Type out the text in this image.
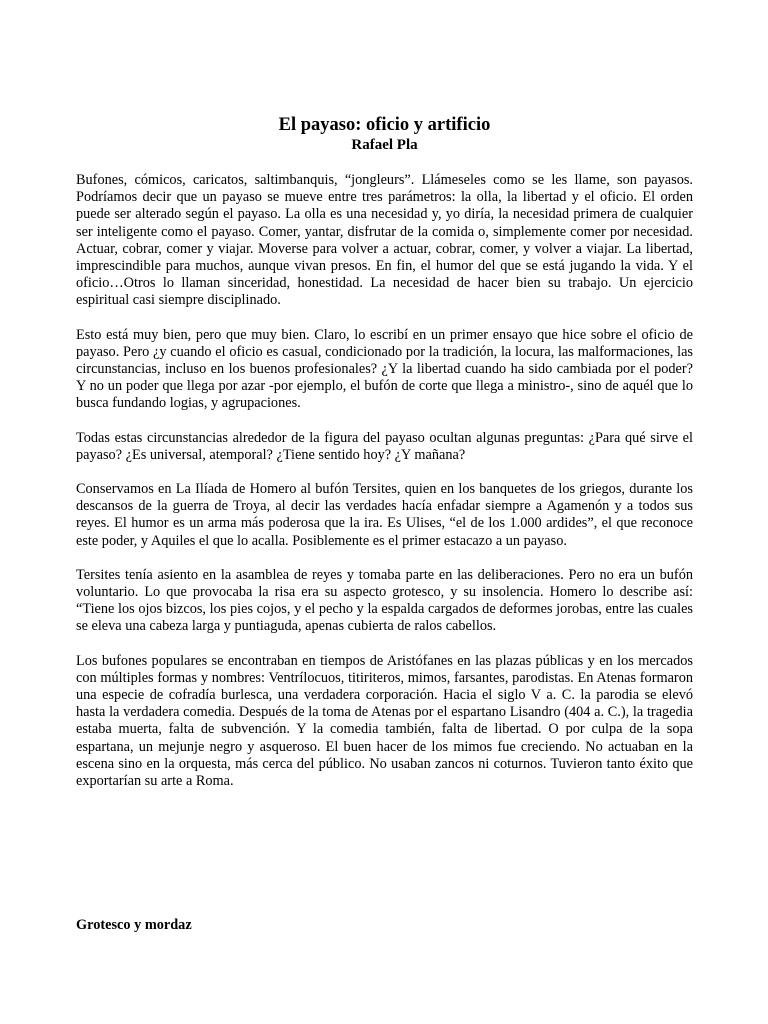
El payaso: oficio y artificio
Rafael Pla

Bufones, cómicos, caricatos, saltimbanquis, “jongleurs”. Llámeseles como se les llame, son payasos. Podríamos decir que un payaso se mueve entre tres parámetros: la olla, la libertad y el oficio. El orden puede ser alterado según el payaso. La olla es una necesidad y, yo diría, la necesidad primera de cualquier ser inteligente como el payaso. Comer, yantar, disfrutar de la comida o, simplemente comer por necesidad. Actuar, cobrar, comer y viajar. Moverse para volver a actuar, cobrar, comer, y volver a viajar. La libertad, imprescindible para muchos, aunque vivan presos. En fin, el humor del que se está jugando la vida. Y el oficio…Otros lo llaman sinceridad, honestidad. La necesidad de hacer bien su trabajo. Un ejercicio espiritual casi siempre disciplinado.

Esto está muy bien, pero que muy bien. Claro, lo escribí en un primer ensayo que hice sobre el oficio de payaso. Pero ¿y cuando el oficio es casual, condicionado por la tradición, la locura, las malformaciones, las circunstancias, incluso en los buenos profesionales? ¿Y la libertad cuando ha sido cambiada por el poder? Y no un poder que llega por azar -por ejemplo, el bufón de corte que llega a ministro-, sino de aquél que lo busca fundando logias, y agrupaciones.

Todas estas circunstancias alrededor de la figura del payaso ocultan algunas preguntas: ¿Para qué sirve el payaso? ¿Es universal, atemporal? ¿Tiene sentido hoy? ¿Y mañana?

Conservamos en La Ilíada de Homero al bufón Tersites, quien en los banquetes de los griegos, durante los descansos de la guerra de Troya, al decir las verdades hacía enfadar siempre a Agamenón y a todos sus reyes. El humor es un arma más poderosa que la ira. Es Ulises, “el de los 1.000 ardides”, el que reconoce este poder, y Aquiles el que lo acalla. Posiblemente es el primer estacazo a un payaso.

Tersites tenía asiento en la asamblea de reyes y tomaba parte en las deliberaciones. Pero no era un bufón voluntario. Lo que provocaba la risa era su aspecto grotesco, y su insolencia. Homero lo describe así: “Tiene los ojos bizcos, los pies cojos, y el pecho y la espalda cargados de deformes jorobas, entre las cuales se eleva una cabeza larga y puntiaguda, apenas cubierta de ralos cabellos.

Los bufones populares se encontraban en tiempos de Aristófanes en las plazas públicas y en los mercados con múltiples formas y nombres: Ventrílocuos, titiriteros, mimos, farsantes, parodistas. En Atenas formaron una especie de cofradía burlesca, una verdadera corporación. Hacia el siglo V a. C. la parodia se elevó hasta la verdadera comedia. Después de la toma de Atenas por el espartano Lisandro (404 a. C.), la tragedia estaba muerta, falta de subvención. Y la comedia también, falta de libertad. O por culpa de la sopa espartana, un mejunje negro y asqueroso. El buen hacer de los mimos fue creciendo. No actuaban en la escena sino en la orquesta, más cerca del público. No usaban zancos ni coturnos. Tuvieron tanto éxito que exportarían su arte a Roma.

Grotesco y mordaz
